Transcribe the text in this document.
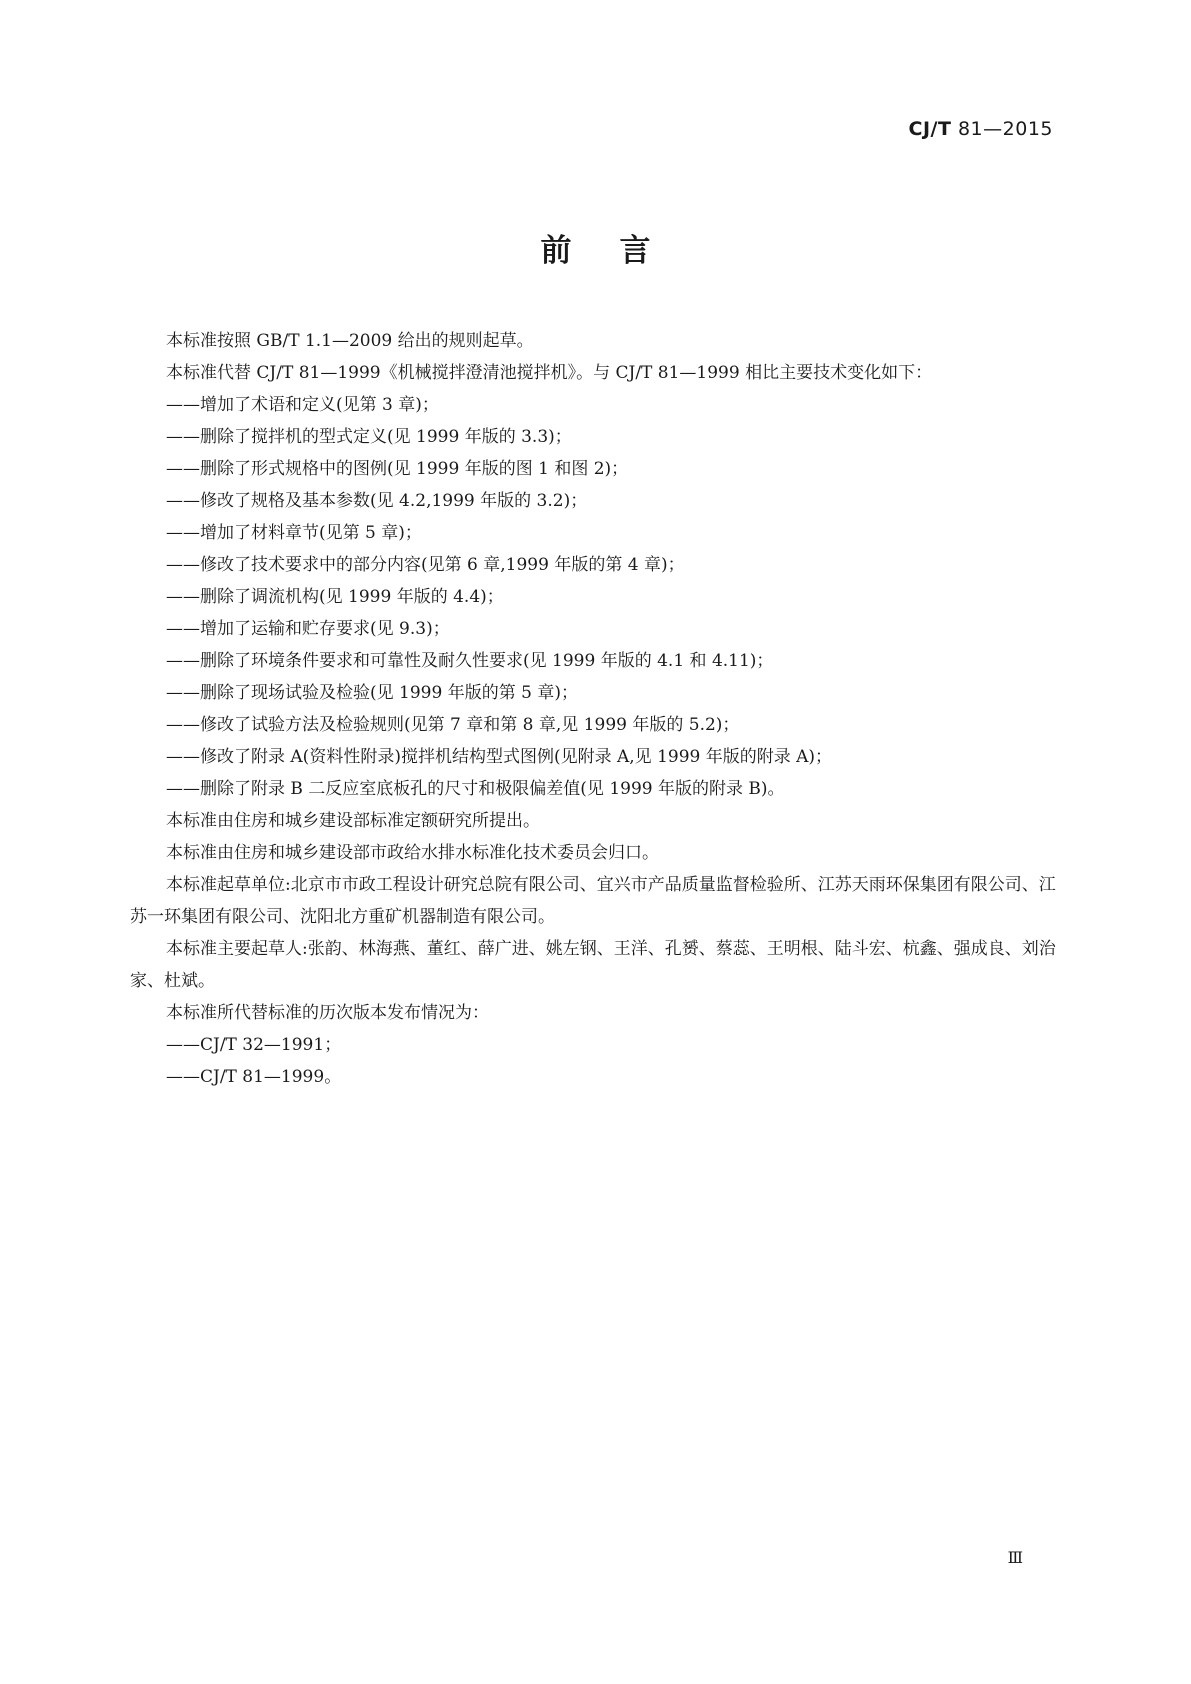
CJ/T 81—2015
前言

本标准按照 GB/T 1.1—2009 给出的规则起草。

本标准代替 CJ/T 81—1999《机械搅拌澄清池搅拌机》。与 CJ/T 81—1999 相比主要技术变化如下：

——增加了术语和定义(见第 3 章)；

——删除了搅拌机的型式定义(见 1999 年版的 3.3)；

——删除了形式规格中的图例(见 1999 年版的图 1 和图 2)；

——修改了规格及基本参数(见 4.2,1999 年版的 3.2)；

——增加了材料章节(见第 5 章)；

——修改了技术要求中的部分内容(见第 6 章,1999 年版的第 4 章)；

——删除了调流机构(见 1999 年版的 4.4)；

——增加了运输和贮存要求(见 9.3)；

——删除了环境条件要求和可靠性及耐久性要求(见 1999 年版的 4.1 和 4.11)；

——删除了现场试验及检验(见 1999 年版的第 5 章)；

——修改了试验方法及检验规则(见第 7 章和第 8 章,见 1999 年版的 5.2)；

——修改了附录 A(资料性附录)搅拌机结构型式图例(见附录 A,见 1999 年版的附录 A)；

——删除了附录 B 二反应室底板孔的尺寸和极限偏差值(见 1999 年版的附录 B)。

本标准由住房和城乡建设部标准定额研究所提出。

本标准由住房和城乡建设部市政给水排水标准化技术委员会归口。

本标准起草单位:北京市市政工程设计研究总院有限公司、宜兴市产品质量监督检验所、江苏天雨环保集团有限公司、江苏一环集团有限公司、沈阳北方重矿机器制造有限公司。

本标准主要起草人:张韵、林海燕、董红、薛广进、姚左钢、王洋、孔赟、蔡蕊、王明根、陆斗宏、杭鑫、强成良、刘治家、杜斌。

本标准所代替标准的历次版本发布情况为：

——CJ/T 32—1991；

——CJ/T 81—1999。

Ⅲ
